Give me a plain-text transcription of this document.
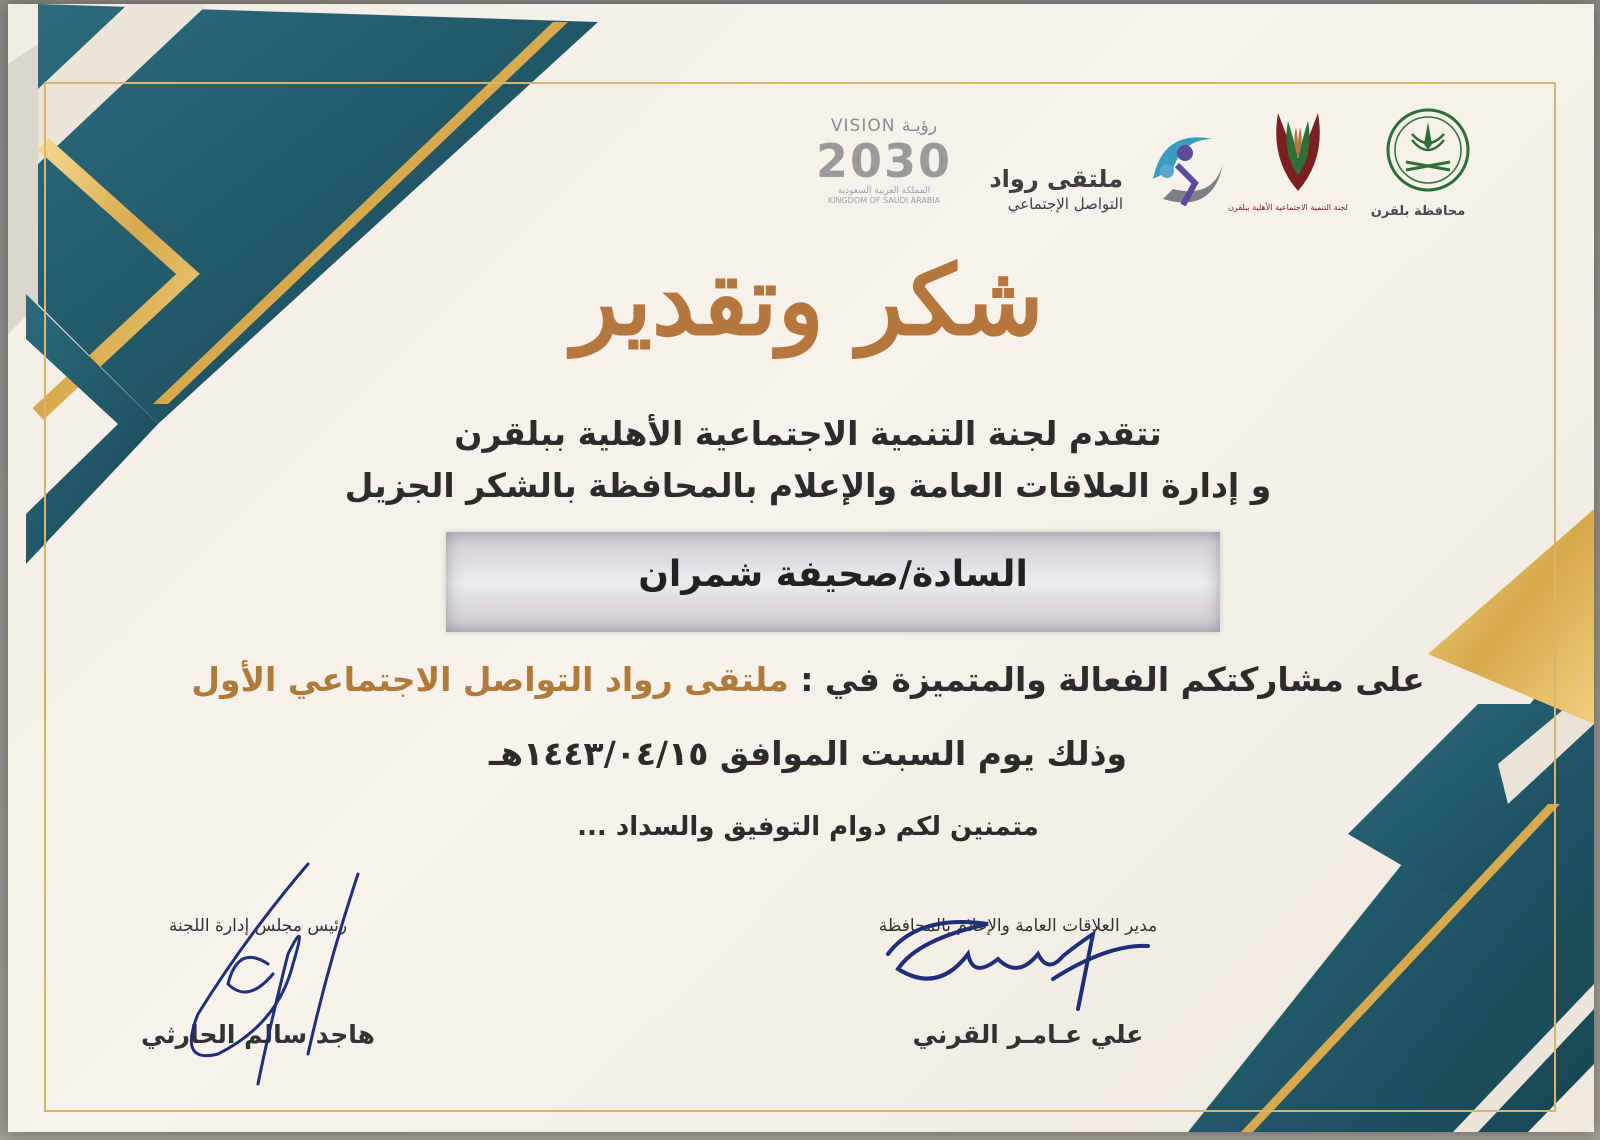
محافظة بلقرن
لجنة التنمية الاجتماعية الأهلية ببلقرن
ملتقى رواد
التواصل الإجتماعي
VISION رؤيـة
2030
المملكة العربية السعودية
KINGDOM OF SAUDI ARABIA
شكر وتقدير
تتقدم لجنة التنمية الاجتماعية الأهلية ببلقرن
و إدارة العلاقات العامة والإعلام بالمحافظة بالشكر الجزيل
السادة/صحيفة شمران
على مشاركتكم الفعالة والمتميزة في : ملتقى رواد التواصل الاجتماعي الأول
وذلك يوم السبت الموافق ١٤٤٣/٠٤/١٥هـ
متمنين لكم دوام التوفيق والسداد ...
مدير العلاقات العامة والإعلام بالمحافظة
علي عـامـر القرني
رئيس مجلس إدارة اللجنة
هاجد سالم الحارثي
